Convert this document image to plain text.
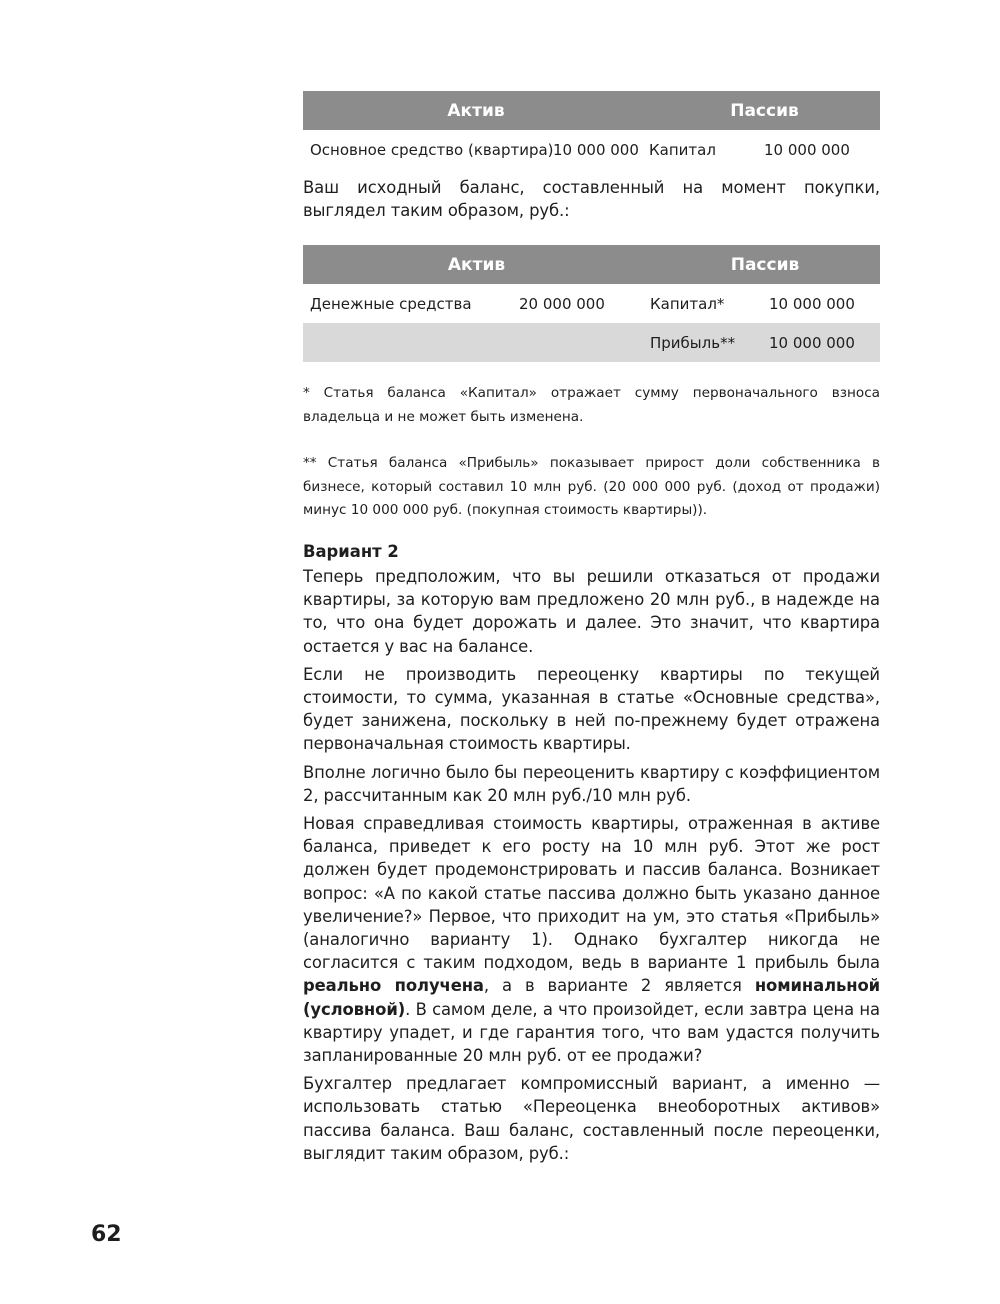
Актив		Пассив	
Основное средство (квартира)	10 000 000	Капитал	10 000 000

Ваш исходный баланс, составленный на момент покупки, выглядел таким образом, руб.:

Актив		Пассив	
Денежные средства	20 000 000	Капитал*	10 000 000
		Прибыль**	10 000 000

* Статья баланса «Капитал» отражает сумму первоначального взноса владельца и не может быть изменена.

** Статья баланса «Прибыль» показывает прирост доли собственника в бизнесе, который составил 10 млн руб. (20 000 000 руб. (доход от продажи) минус 10 000 000 руб. (покупная стоимость квартиры)).

Вариант 2

Теперь предположим, что вы решили отказаться от продажи квартиры, за которую вам предложено 20 млн руб., в надежде на то, что она будет дорожать и далее. Это значит, что квартира остается у вас на балансе.

Если не производить переоценку квартиры по текущей стоимости, то сумма, указанная в статье «Основные средства», будет занижена, поскольку в ней по-прежнему будет отражена первоначальная стоимость квартиры.

Вполне логично было бы переоценить квартиру с коэффициентом 2, рассчитанным как 20 млн руб./10 млн руб.

Новая справедливая стоимость квартиры, отраженная в активе баланса, приведет к его росту на 10 млн руб. Этот же рост должен будет продемонстрировать и пассив баланса. Возникает вопрос: «А по какой статье пассива должно быть указано данное увеличение?» Первое, что приходит на ум, это статья «Прибыль» (аналогично варианту 1). Однако бухгалтер никогда не согласится с таким подходом, ведь в варианте 1 прибыль была реально получена, а в варианте 2 является номинальной (условной). В самом деле, а что произойдет, если завтра цена на квартиру упадет, и где гарантия того, что вам удастся получить запланированные 20 млн руб. от ее продажи?

Бухгалтер предлагает компромиссный вариант, а именно — использовать статью «Переоценка внеоборотных активов» пассива баланса. Ваш баланс, составленный после переоценки, выглядит таким образом, руб.:

62
